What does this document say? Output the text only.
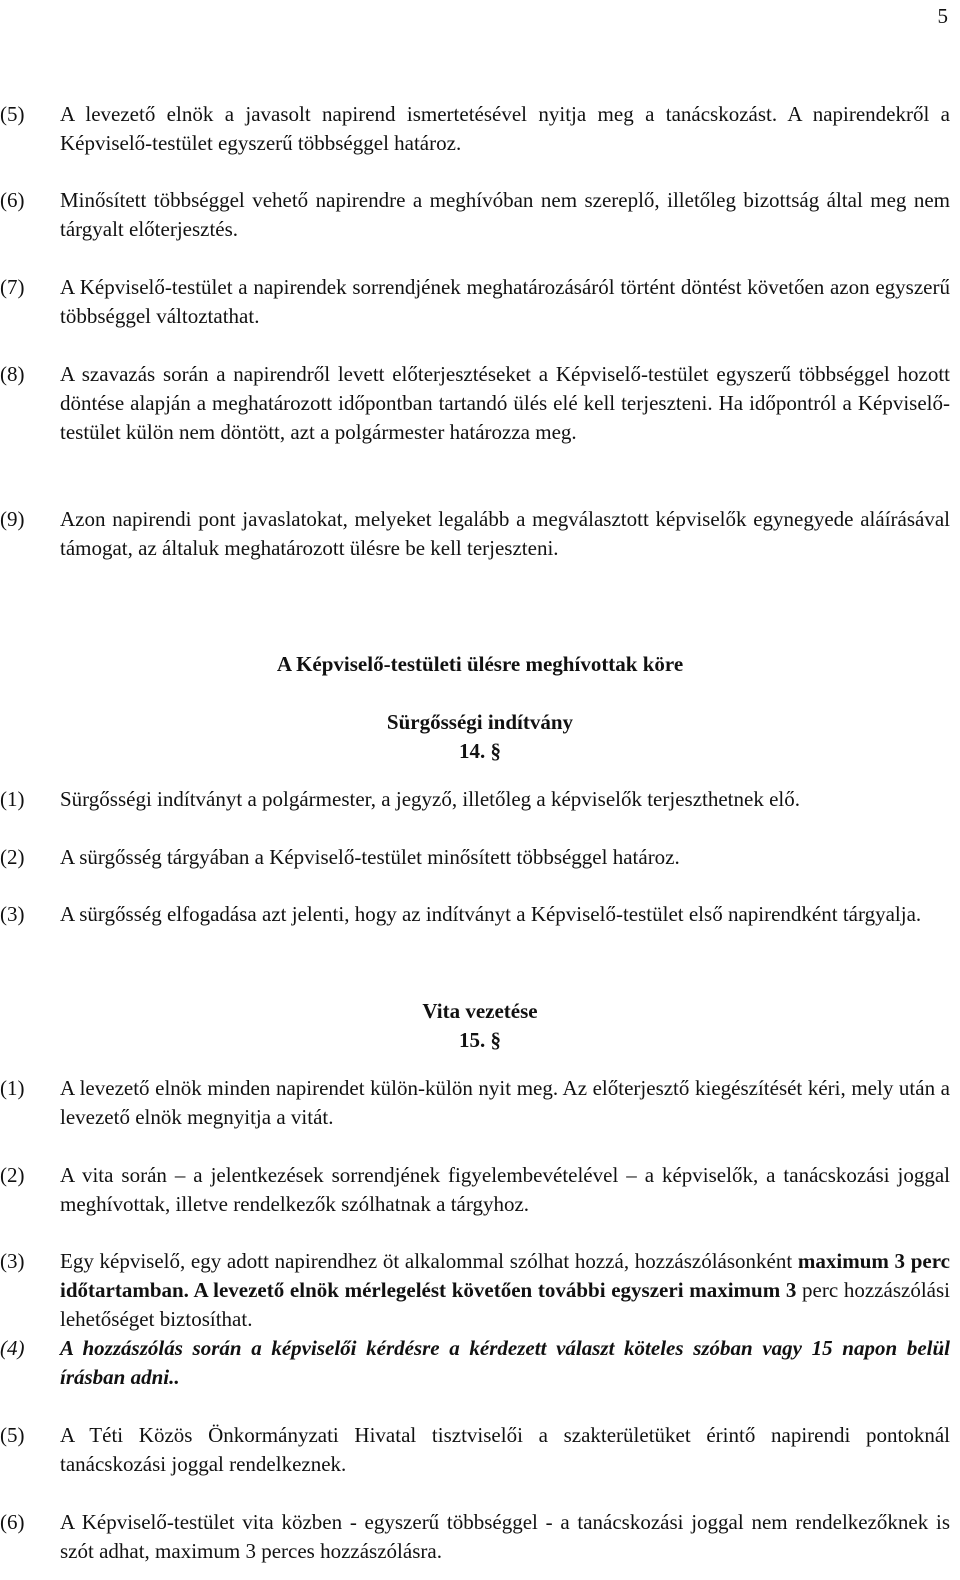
5
(5)	A levezető elnök a javasolt napirend ismertetésével nyitja meg a tanácskozást. A napirendekről a Képviselő-testület egyszerű többséggel határoz.
(6)	Minősített többséggel vehető napirendre a meghívóban nem szereplő, illetőleg bizottság által meg nem tárgyalt előterjesztés.
(7)	A Képviselő-testület a napirendek sorrendjének meghatározásáról történt döntést követően azon egyszerű többséggel változtathat.
(8)	A szavazás során a napirendről levett előterjesztéseket a Képviselő-testület egyszerű többséggel hozott döntése alapján a meghatározott időpontban tartandó ülés elé kell terjeszteni. Ha időpontról a Képviselő-testület külön nem döntött, azt a polgármester határozza meg.
(9)	Azon napirendi pont javaslatokat, melyeket legalább a megválasztott képviselők egynegyede aláírásával támogat, az általuk meghatározott ülésre be kell terjeszteni.
A Képviselő-testületi ülésre meghívottak köre
Sürgősségi indítvány
14. §
(1)	Sürgősségi indítványt a polgármester, a jegyző, illetőleg a képviselők terjeszthetnek elő.
(2)	A sürgősség tárgyában a Képviselő-testület minősített többséggel határoz.
(3)	A sürgősség elfogadása azt jelenti, hogy az indítványt a Képviselő-testület első napirendként tárgyalja.
Vita vezetése
15. §
(1)	A levezető elnök minden napirendet külön-külön nyit meg. Az előterjesztő kiegészítését kéri, mely után a levezető elnök megnyitja a vitát.
(2)	A vita során – a jelentkezések sorrendjének figyelembevételével – a képviselők, a tanácskozási joggal meghívottak, illetve rendelkezők szólhatnak a tárgyhoz.
(3)	Egy képviselő, egy adott napirendhez öt alkalommal szólhat hozzá, hozzászólásonként maximum 3 perc időtartamban. A levezető elnök mérlegelést követően további egyszeri maximum 3 perc hozzászólási lehetőséget biztosíthat.
(4)	A hozzászólás során a képviselői kérdésre a kérdezett választ köteles szóban vagy 15 napon belül írásban adni..
(5)	A Téti Közös Önkormányzati Hivatal tisztviselői a szakterületüket érintő napirendi pontoknál tanácskozási joggal rendelkeznek.
(6)	A Képviselő-testület vita közben - egyszerű többséggel - a tanácskozási joggal nem rendelkezőknek is szót adhat, maximum 3 perces hozzászólásra.
